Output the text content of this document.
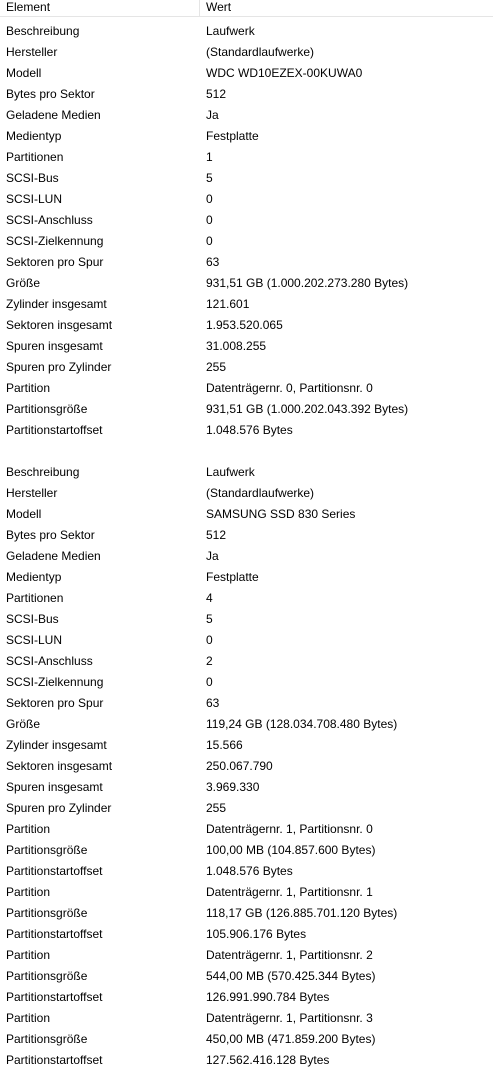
Element	Wert
Beschreibung	Laufwerk
Hersteller	(Standardlaufwerke)
Modell	WDC WD10EZEX-00KUWA0
Bytes pro Sektor	512
Geladene Medien	Ja
Medientyp	Festplatte
Partitionen	1
SCSI-Bus	5
SCSI-LUN	0
SCSI-Anschluss	0
SCSI-Zielkennung	0
Sektoren pro Spur	63
Größe	931,51 GB (1.000.202.273.280 Bytes)
Zylinder insgesamt	121.601
Sektoren insgesamt	1.953.520.065
Spuren insgesamt	31.008.255
Spuren pro Zylinder	255
Partition	Datenträgernr. 0, Partitionsnr. 0
Partitionsgröße	931,51 GB (1.000.202.043.392 Bytes)
Partitionstartoffset	1.048.576 Bytes
Beschreibung	Laufwerk
Hersteller	(Standardlaufwerke)
Modell	SAMSUNG SSD 830 Series
Bytes pro Sektor	512
Geladene Medien	Ja
Medientyp	Festplatte
Partitionen	4
SCSI-Bus	5
SCSI-LUN	0
SCSI-Anschluss	2
SCSI-Zielkennung	0
Sektoren pro Spur	63
Größe	119,24 GB (128.034.708.480 Bytes)
Zylinder insgesamt	15.566
Sektoren insgesamt	250.067.790
Spuren insgesamt	3.969.330
Spuren pro Zylinder	255
Partition	Datenträgernr. 1, Partitionsnr. 0
Partitionsgröße	100,00 MB (104.857.600 Bytes)
Partitionstartoffset	1.048.576 Bytes
Partition	Datenträgernr. 1, Partitionsnr. 1
Partitionsgröße	118,17 GB (126.885.701.120 Bytes)
Partitionstartoffset	105.906.176 Bytes
Partition	Datenträgernr. 1, Partitionsnr. 2
Partitionsgröße	544,00 MB (570.425.344 Bytes)
Partitionstartoffset	126.991.990.784 Bytes
Partition	Datenträgernr. 1, Partitionsnr. 3
Partitionsgröße	450,00 MB (471.859.200 Bytes)
Partitionstartoffset	127.562.416.128 Bytes
